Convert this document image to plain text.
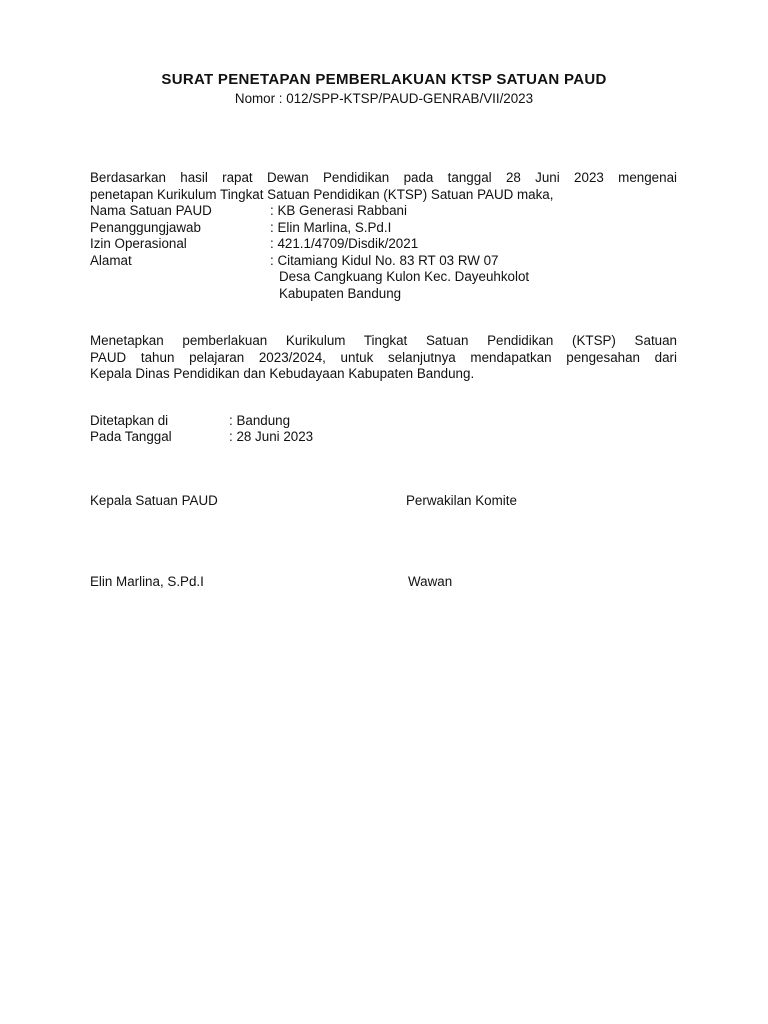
SURAT PENETAPAN PEMBERLAKUAN KTSP SATUAN PAUD
Nomor : 012/SPP-KTSP/PAUD-GENRAB/VII/2023
Berdasarkan hasil rapat Dewan Pendidikan pada tanggal 28 Juni 2023 mengenai
penetapan Kurikulum Tingkat Satuan Pendidikan (KTSP) Satuan PAUD maka,
Nama Satuan PAUD	: KB Generasi Rabbani
Penanggungjawab	: Elin Marlina, S.Pd.I
Izin Operasional	: 421.1/4709/Disdik/2021
Alamat	: Citamiang Kidul No. 83 RT 03 RW 07
Desa Cangkuang Kulon Kec. Dayeuhkolot
Kabupaten Bandung
Menetapkan pemberlakuan Kurikulum Tingkat Satuan Pendidikan (KTSP) Satuan
PAUD tahun pelajaran 2023/2024, untuk selanjutnya mendapatkan pengesahan dari
Kepala Dinas Pendidikan dan Kebudayaan Kabupaten Bandung.
Ditetapkan di	: Bandung
Pada Tanggal	: 28 Juni 2023
Kepala Satuan PAUD	Perwakilan Komite
Elin Marlina, S.Pd.I	Wawan
